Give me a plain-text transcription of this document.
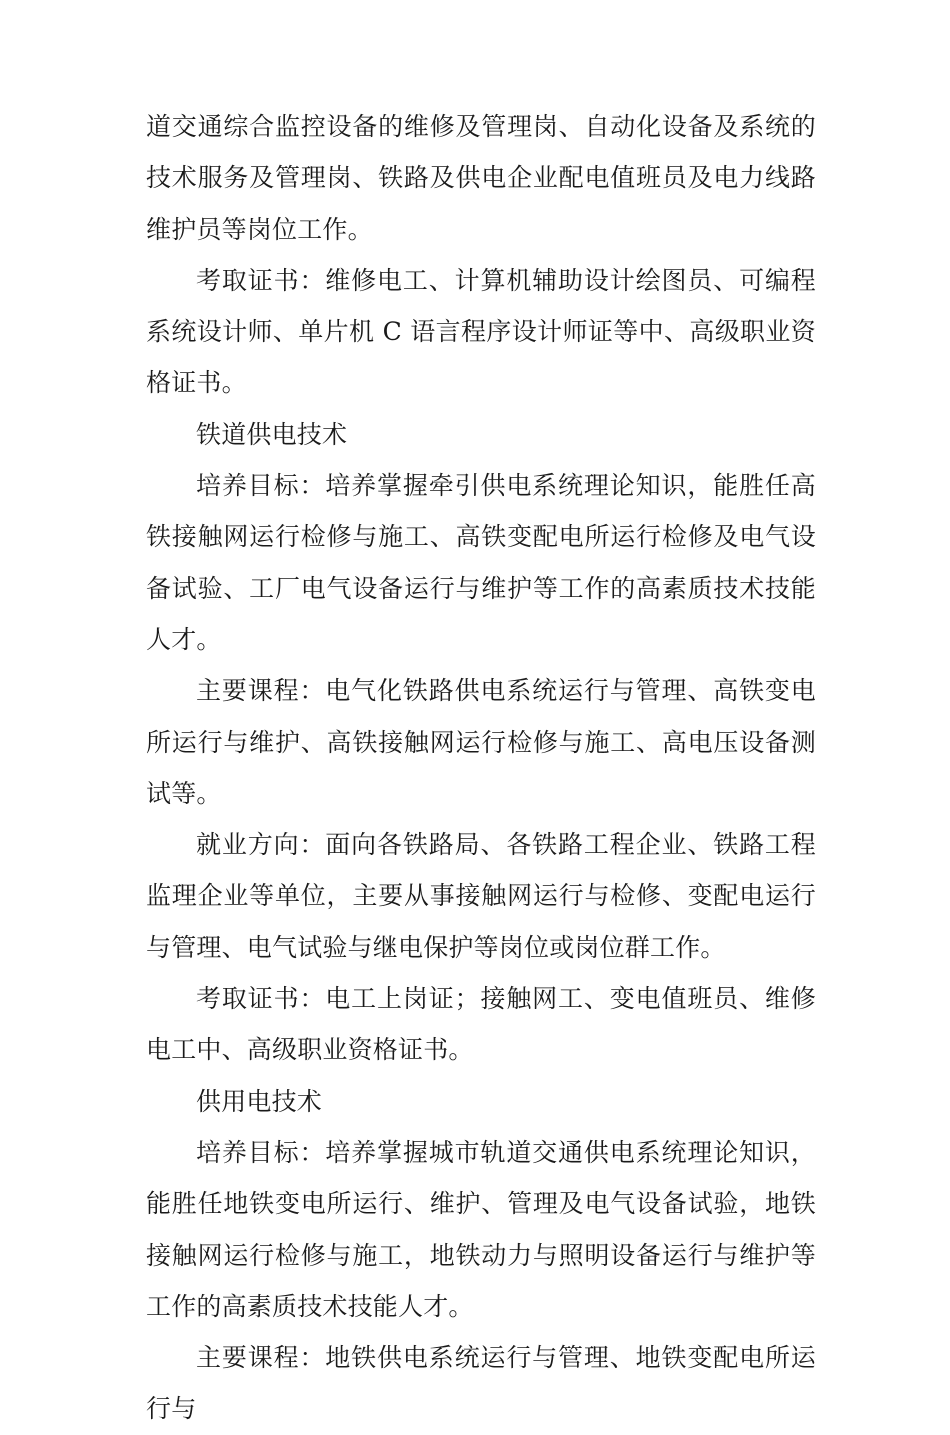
道交通综合监控设备的维修及管理岗、自动化设备及系统的技术服务及管理岗、铁路及供电企业配电值班员及电力线路维护员等岗位工作。

考取证书：维修电工、计算机辅助设计绘图员、可编程系统设计师、单片机 C 语言程序设计师证等中、高级职业资格证书。

铁道供电技术

培养目标：培养掌握牵引供电系统理论知识，能胜任高铁接触网运行检修与施工、高铁变配电所运行检修及电气设备试验、工厂电气设备运行与维护等工作的高素质技术技能人才。

主要课程：电气化铁路供电系统运行与管理、高铁变电所运行与维护、高铁接触网运行检修与施工、高电压设备测试等。

就业方向：面向各铁路局、各铁路工程企业、铁路工程监理企业等单位，主要从事接触网运行与检修、变配电运行与管理、电气试验与继电保护等岗位或岗位群工作。

考取证书：电工上岗证；接触网工、变电值班员、维修电工中、高级职业资格证书。

供用电技术

培养目标：培养掌握城市轨道交通供电系统理论知识，能胜任地铁变电所运行、维护、管理及电气设备试验，地铁接触网运行检修与施工，地铁动力与照明设备运行与维护等工作的高素质技术技能人才。

主要课程：地铁供电系统运行与管理、地铁变配电所运行与
